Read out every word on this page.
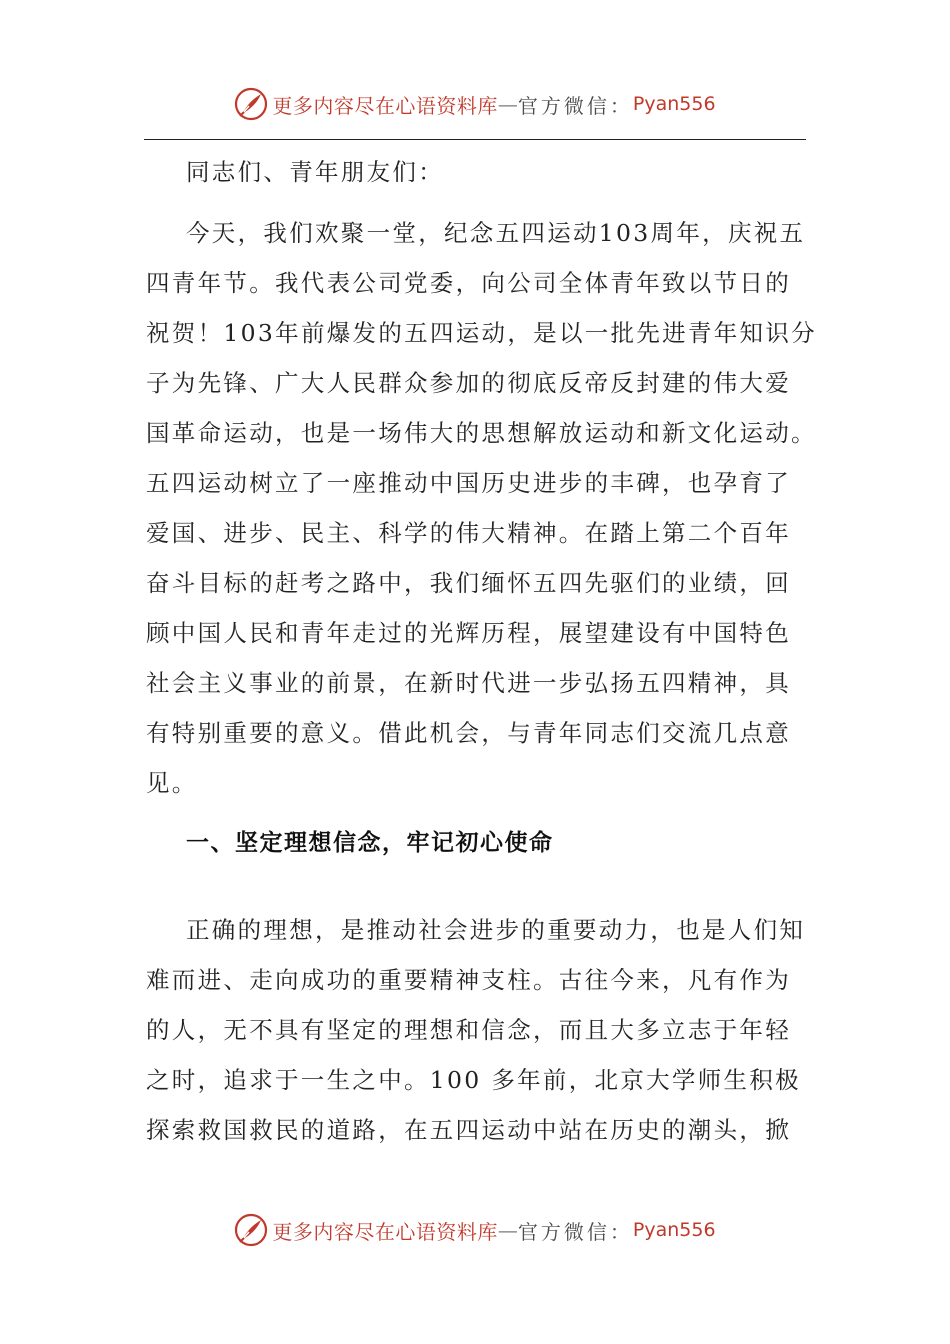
更多内容尽在心语资料库 — 官方微信： Pyan556
同志们、青年朋友们：
今天，我们欢聚一堂，纪念五四运动103周年，庆祝五
四青年节。我代表公司党委，向公司全体青年致以节日的
祝贺！103年前爆发的五四运动，是以一批先进青年知识分
子为先锋、广大人民群众参加的彻底反帝反封建的伟大爱
国革命运动，也是一场伟大的思想解放运动和新文化运动。
五四运动树立了一座推动中国历史进步的丰碑，也孕育了
爱国、进步、民主、科学的伟大精神。在踏上第二个百年
奋斗目标的赶考之路中，我们缅怀五四先驱们的业绩，回
顾中国人民和青年走过的光辉历程，展望建设有中国特色
社会主义事业的前景，在新时代进一步弘扬五四精神，具
有特别重要的意义。借此机会，与青年同志们交流几点意
见。
一、坚定理想信念，牢记初心使命
正确的理想，是推动社会进步的重要动力，也是人们知
难而进、走向成功的重要精神支柱。古往今来，凡有作为
的人，无不具有坚定的理想和信念，而且大多立志于年轻
之时，追求于一生之中。100 多年前，北京大学师生积极
探索救国救民的道路，在五四运动中站在历史的潮头，掀
更多内容尽在心语资料库 — 官方微信： Pyan556
